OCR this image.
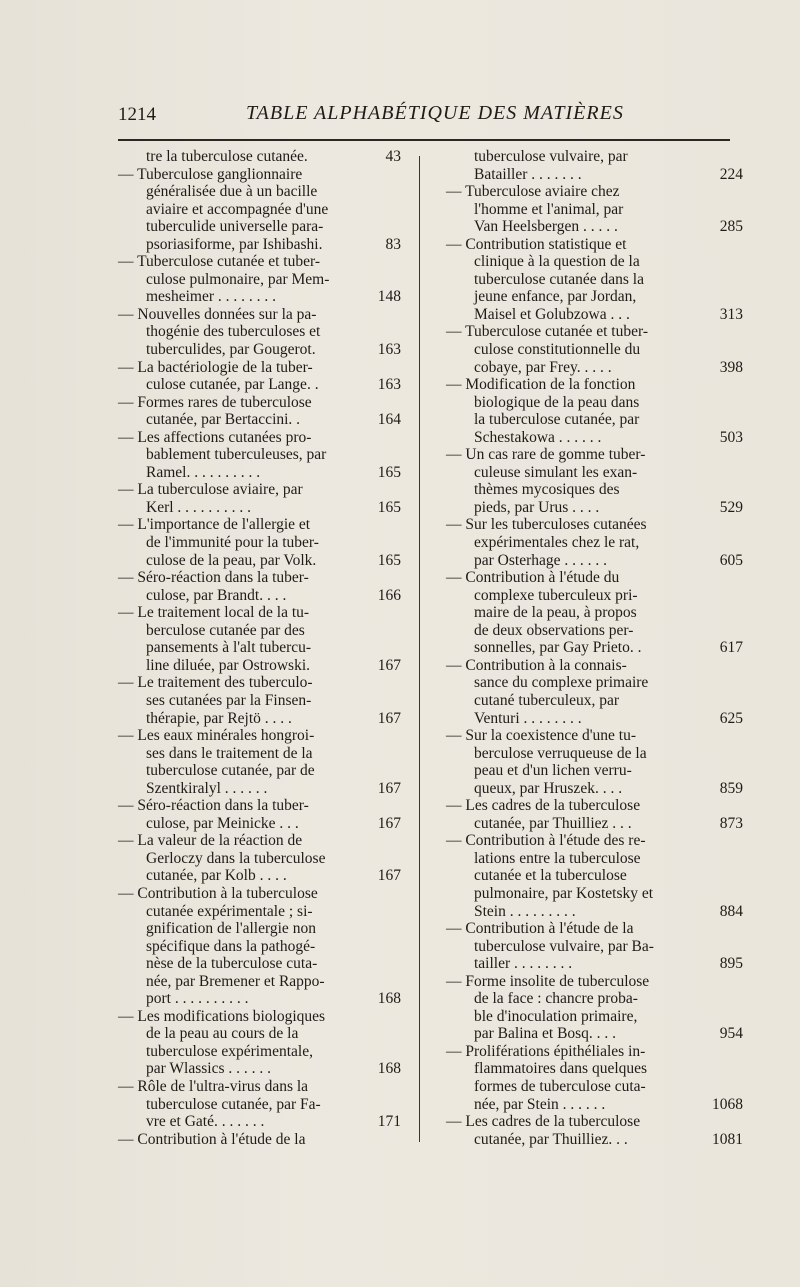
1214	TABLE ALPHABÉTIQUE DES MATIÈRES
tre la tuberculose cutanée.	43
— Tuberculose ganglionnaire
généralisée due à un bacille
aviaire et accompagnée d'une
tuberculide universelle para-
psoriasiforme, par Ishibashi.	83
— Tuberculose cutanée et tuber-
culose pulmonaire, par Mem-
mesheimer . . . . . . . .	148
— Nouvelles données sur la pa-
thogénie des tuberculoses et
tuberculides, par Gougerot.	163
— La bactériologie de la tuber-
culose cutanée, par Lange. .	163
— Formes rares de tuberculose
cutanée, par Bertaccini. .	164
— Les affections cutanées pro-
bablement tuberculeuses, par
Ramel. . . . . . . . . .	165
— La tuberculose aviaire, par
Kerl . . . . . . . . . .	165
— L'importance de l'allergie et
de l'immunité pour la tuber-
culose de la peau, par Volk.	165
— Séro-réaction dans la tuber-
culose, par Brandt. . . .	166
— Le traitement local de la tu-
berculose cutanée par des
pansements à l'alt tubercu-
line diluée, par Ostrowski.	167
— Le traitement des tuberculo-
ses cutanées par la Finsen-
thérapie, par Rejtö . . . .	167
— Les eaux minérales hongroi-
ses dans le traitement de la
tuberculose cutanée, par de
Szentkiralyl . . . . . .	167
— Séro-réaction dans la tuber-
culose, par Meinicke . . .	167
— La valeur de la réaction de
Gerloczy dans la tuberculose
cutanée, par Kolb . . . .	167
— Contribution à la tuberculose
cutanée expérimentale ; si-
gnification de l'allergie non
spécifique dans la pathogé-
nèse de la tuberculose cuta-
née, par Bremener et Rappo-
port . . . . . . . . . .	168
— Les modifications biologiques
de la peau au cours de la
tuberculose expérimentale,
par Wlassics . . . . . .	168
— Rôle de l'ultra-virus dans la
tuberculose cutanée, par Fa-
vre et Gaté. . . . . . .	171
— Contribution à l'étude de la
tuberculose vulvaire, par
Batailler . . . . . . .	224
— Tuberculose aviaire chez
l'homme et l'animal, par
Van Heelsbergen . . . . .	285
— Contribution statistique et
clinique à la question de la
tuberculose cutanée dans la
jeune enfance, par Jordan,
Maisel et Golubzowa . . .	313
— Tuberculose cutanée et tuber-
culose constitutionnelle du
cobaye, par Frey. . . . .	398
— Modification de la fonction
biologique de la peau dans
la tuberculose cutanée, par
Schestakowa . . . . . .	503
— Un cas rare de gomme tuber-
culeuse simulant les exan-
thèmes mycosiques des
pieds, par Urus . . . .	529
— Sur les tuberculoses cutanées
expérimentales chez le rat,
par Osterhage . . . . . .	605
— Contribution à l'étude du
complexe tuberculeux pri-
maire de la peau, à propos
de deux observations per-
sonnelles, par Gay Prieto. .	617
— Contribution à la connais-
sance du complexe primaire
cutané tuberculeux, par
Venturi . . . . . . . .	625
— Sur la coexistence d'une tu-
berculose verruqueuse de la
peau et d'un lichen verru-
queux, par Hruszek. . . .	859
— Les cadres de la tuberculose
cutanée, par Thuilliez . . .	873
— Contribution à l'étude des re-
lations entre la tuberculose
cutanée et la tuberculose
pulmonaire, par Kostetsky et
Stein . . . . . . . . .	884
— Contribution à l'étude de la
tuberculose vulvaire, par Ba-
tailler . . . . . . . .	895
— Forme insolite de tuberculose
de la face : chancre proba-
ble d'inoculation primaire,
par Balina et Bosq. . . .	954
— Proliférations épithéliales in-
flammatoires dans quelques
formes de tuberculose cuta-
née, par Stein . . . . . .	1068
— Les cadres de la tuberculose
cutanée, par Thuilliez. . .	1081
